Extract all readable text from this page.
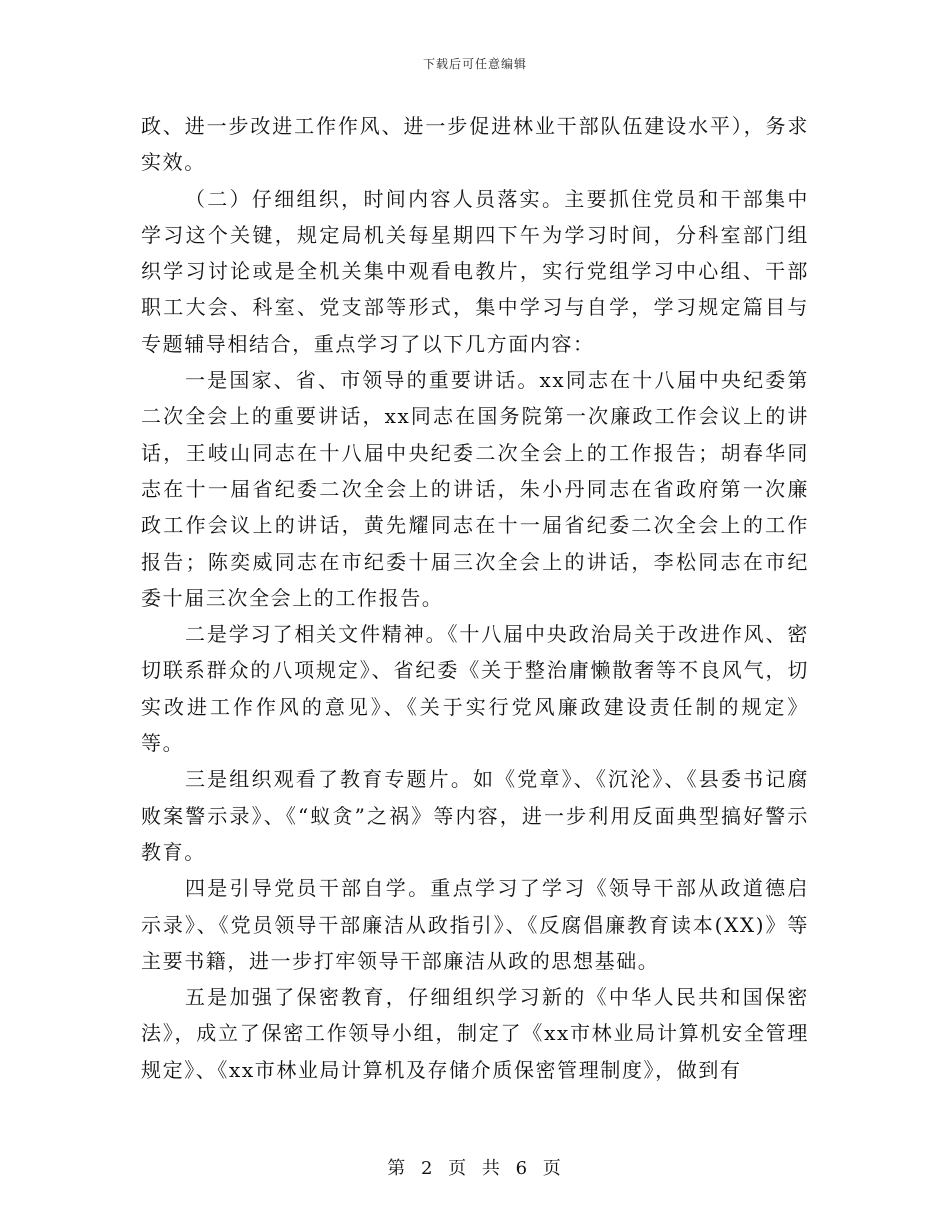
下载后可任意编辑

政、进一步改进工作作风、进一步促进林业干部队伍建设水平），务求实效。

（二）仔细组织，时间内容人员落实。主要抓住党员和干部集中学习这个关键，规定局机关每星期四下午为学习时间，分科室部门组织学习讨论或是全机关集中观看电教片，实行党组学习中心组、干部职工大会、科室、党支部等形式，集中学习与自学，学习规定篇目与专题辅导相结合，重点学习了以下几方面内容：

一是国家、省、市领导的重要讲话。xx同志在十八届中央纪委第二次全会上的重要讲话，xx同志在国务院第一次廉政工作会议上的讲话，王岐山同志在十八届中央纪委二次全会上的工作报告；胡春华同志在十一届省纪委二次全会上的讲话，朱小丹同志在省政府第一次廉政工作会议上的讲话，黄先耀同志在十一届省纪委二次全会上的工作报告；陈奕威同志在市纪委十届三次全会上的讲话，李松同志在市纪委十届三次全会上的工作报告。

二是学习了相关文件精神。《十八届中央政治局关于改进作风、密切联系群众的八项规定》、省纪委《关于整治庸懒散奢等不良风气，切实改进工作作风的意见》、《关于实行党风廉政建设责任制的规定》等。

三是组织观看了教育专题片。如《党章》、《沉沦》、《县委书记腐败案警示录》、《“蚁贪”之祸》等内容，进一步利用反面典型搞好警示教育。

四是引导党员干部自学。重点学习了学习《领导干部从政道德启示录》、《党员领导干部廉洁从政指引》、《反腐倡廉教育读本(XX)》等主要书籍，进一步打牢领导干部廉洁从政的思想基础。

五是加强了保密教育，仔细组织学习新的《中华人民共和国保密法》，成立了保密工作领导小组，制定了《xx市林业局计算机安全管理规定》、《xx市林业局计算机及存储介质保密管理制度》，做到有

第 2 页 共 6 页
